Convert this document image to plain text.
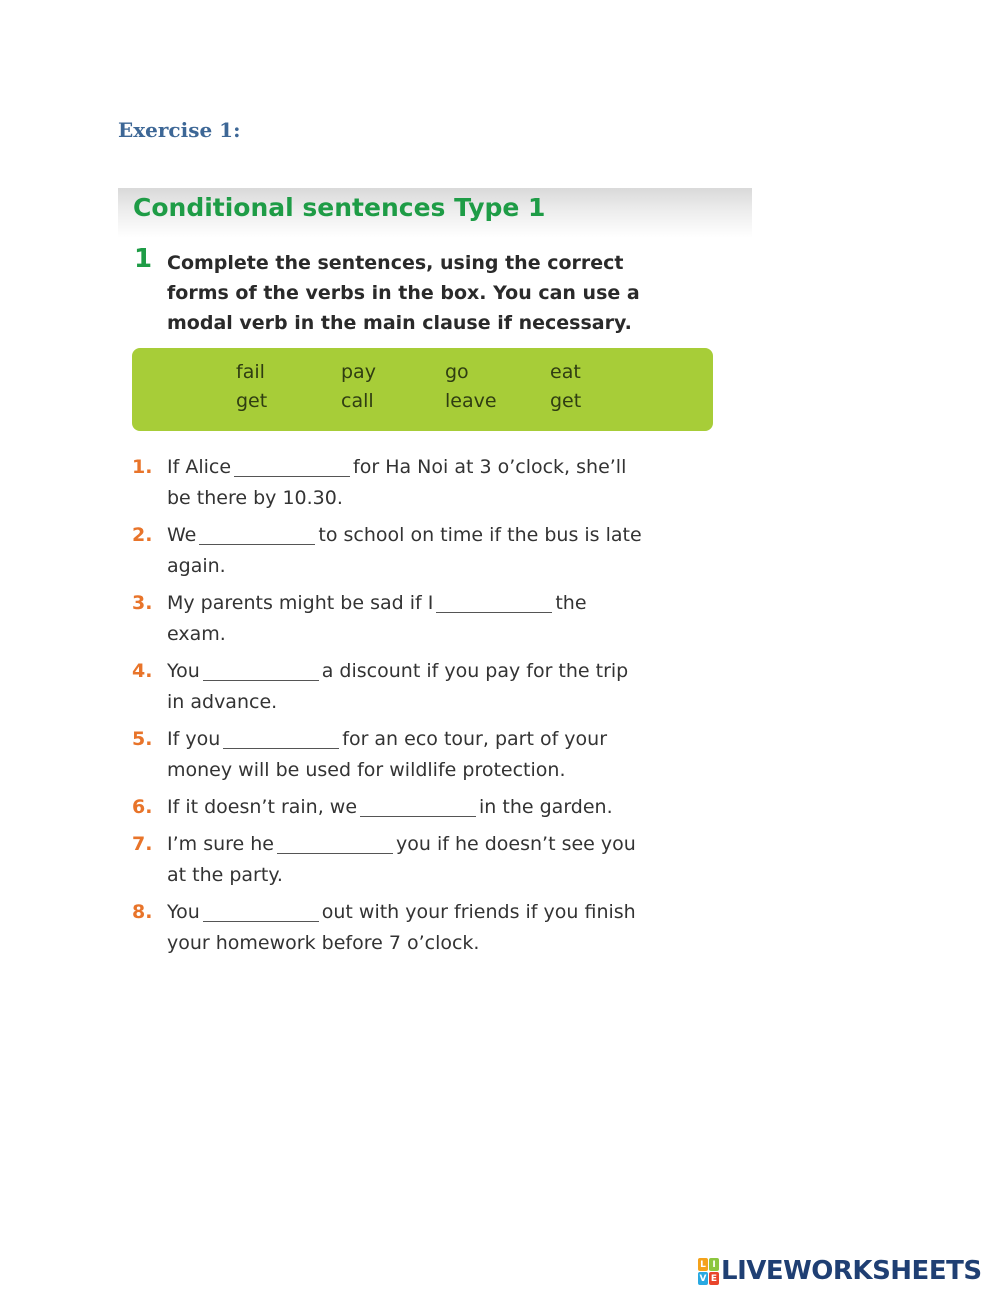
Exercise 1:
Conditional sentences Type 1
1 Complete the sentences, using the correct
forms of the verbs in the box. You can use a
modal verb in the main clause if necessary.
fail	pay	go	eat
get	call	leave	get
1. If Alice	for Ha Noi at 3 o’clock, she’ll
be there by 10.30.
2. We	to school on time if the bus is late
again.
3. My parents might be sad if I	the
exam.
4. You	a discount if you pay for the trip
in advance.
5. If you	for an eco tour, part of your
money will be used for wildlife protection.
6. If it doesn’t rain, we	in the garden.
7. I’m sure he	you if he doesn’t see you
at the party.
8. You	out with your friends if you finish
your homework before 7 o’clock.
L I
V E LIVEWORKSHEETS
